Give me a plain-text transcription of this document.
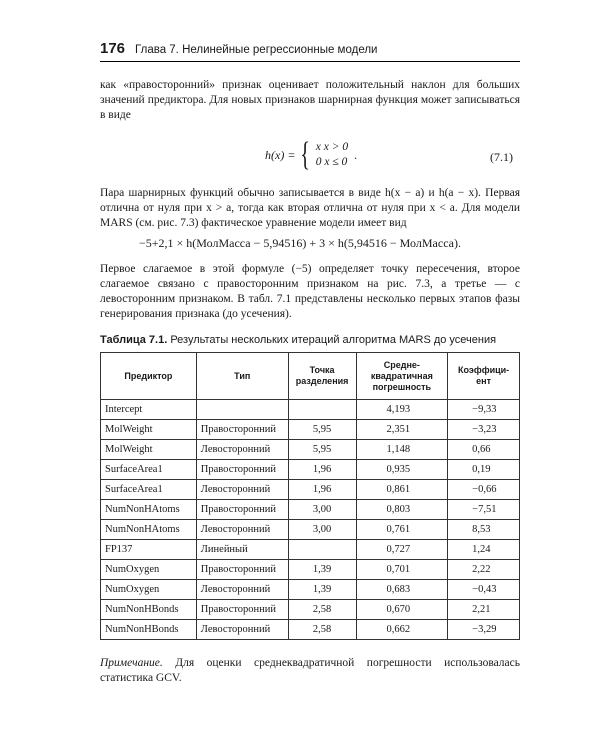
176 Глава 7. Нелинейные регрессионные модели
как «правосторонний» признак оценивает положительный наклон для больших значений предиктора. Для новых признаков шарнирная функция может записываться в виде
h(x) = { x x > 0
0 x ≤ 0
.	(7.1)
Пара шарнирных функций обычно записывается в виде h(x − a) и h(a − x). Первая отлична от нуля при x > a, тогда как вторая отлична от нуля при x < a. Для модели MARS (см. рис. 7.3) фактическое уравнение модели имеет вид
−5+2,1 × h(МолМасса − 5,94516) + 3 × h(5,94516 − МолМасса).
Первое слагаемое в этой формуле (−5) определяет точку пересечения, второе слагаемое связано с правосторонним признаком на рис. 7.3, а третье — с левосторонним признаком. В табл. 7.1 представлены несколько первых этапов фазы генерирования признака (до усечения).
Таблица 7.1. Результаты нескольких итераций алгоритма MARS до усечения
Предиктор	Тип	Точка разделения	Средне-квадратичная погрешность	Коэффици-ент
Intercept			4,193	−9,33
MolWeight	Правосторонний	5,95	2,351	−3,23
MolWeight	Левосторонний	5,95	1,148	0,66
SurfaceArea1	Правосторонний	1,96	0,935	0,19
SurfaceArea1	Левосторонний	1,96	0,861	−0,66
NumNonHAtoms	Правосторонний	3,00	0,803	−7,51
NumNonHAtoms	Левосторонний	3,00	0,761	8,53
FP137	Линейный		0,727	1,24
NumOxygen	Правосторонний	1,39	0,701	2,22
NumOxygen	Левосторонний	1,39	0,683	−0,43
NumNonHBonds	Правосторонний	2,58	0,670	2,21
NumNonHBonds	Левосторонний	2,58	0,662	−3,29
Примечание. Для оценки среднеквадратичной погрешности использовалась статистика GCV.
